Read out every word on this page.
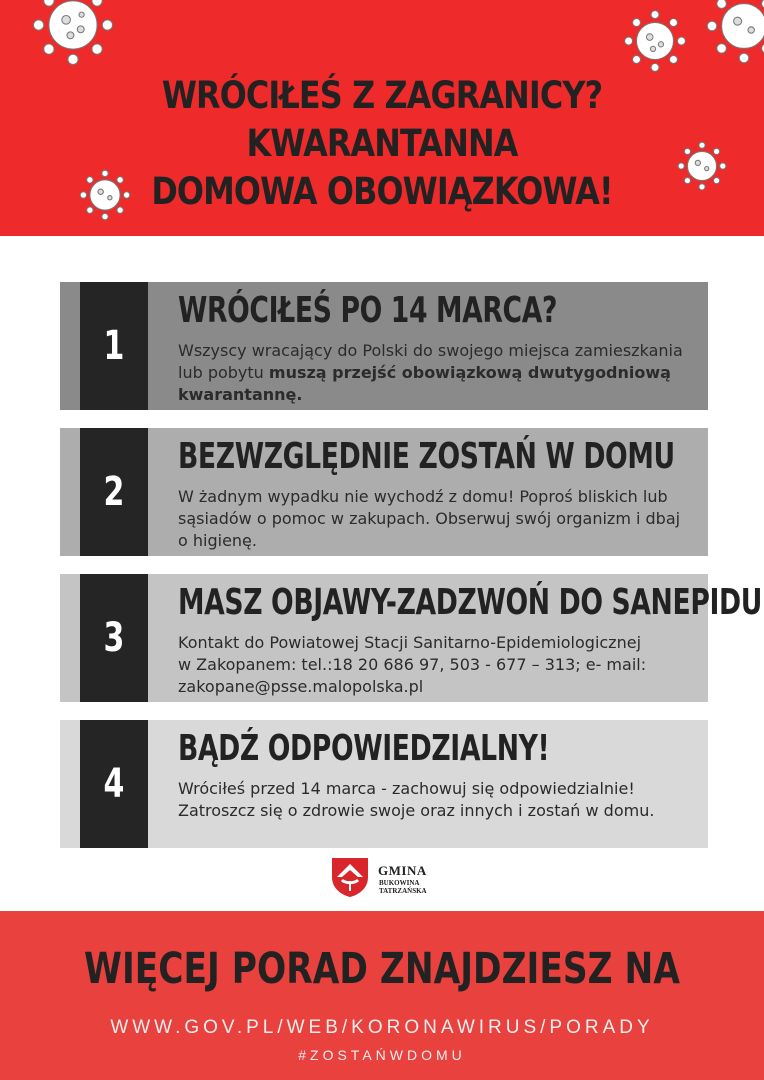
WRÓCIŁEŚ Z ZAGRANICY? KWARANTANNA
DOMOWA OBOWIĄZKOWA!
1
WRÓCIŁEŚ PO 14 MARCA?
Wszyscy wracający do Polski do swojego miejsca zamieszkania lub pobytu muszą przejść obowiązkową dwutygodniową kwarantannę.
2
BEZWZGLĘDNIE ZOSTAŃ W DOMU
W żadnym wypadku nie wychodź z domu! Poproś bliskich lub sąsiadów o pomoc w zakupach. Obserwuj swój organizm i dbaj o higienę.
3
MASZ OBJAWY-ZADZWOŃ DO SANEPIDU
Kontakt do Powiatowej Stacji Sanitarno-Epidemiologicznej w Zakopanem: tel.:18 20 686 97, 503 - 677 – 313; e- mail: zakopane@psse.malopolska.pl
4
BĄDŹ ODPOWIEDZIALNY!
Wróciłeś przed 14 marca - zachowuj się odpowiedzialnie! Zatroszcz się o zdrowie swoje oraz innych i zostań w domu.
GMINA
BUKOWINA TATRZAŃSKA
WIĘCEJ PORAD ZNAJDZIESZ NA
WWW.GOV.PL/WEB/KORONAWIRUS/PORADY
#ZOSTAŃWDOMU
